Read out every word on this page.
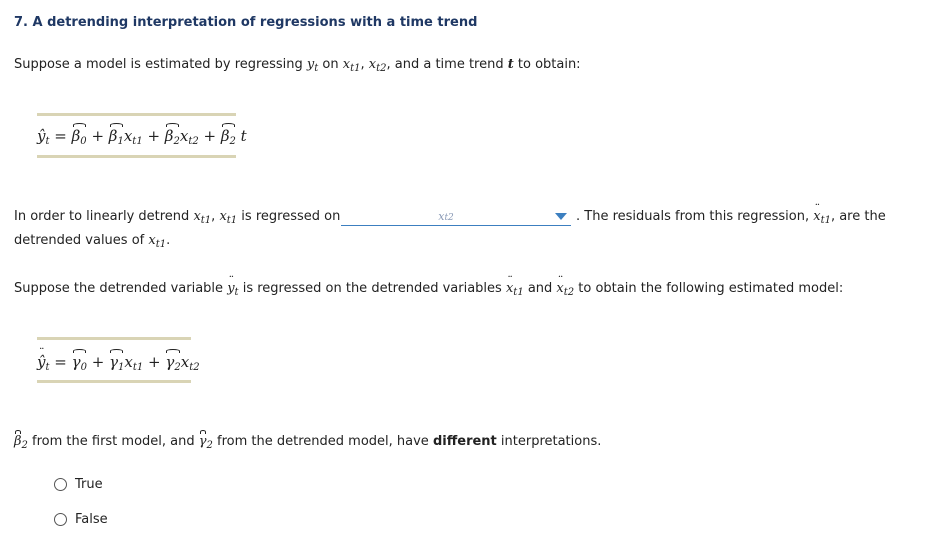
7. A detrending interpretation of regressions with a time trend
Suppose a model is estimated by regressing $y_t$ on $x_{t1}$, $x_{t2}$, and a time trend t to obtain:
$ŷ_t = \beta_0 + \beta_1x_{t1} + \beta_2x_{t2} + \beta_2$ t
In order to linearly detrend $x_{t1}$, $x_{t1}$ is regressed on	xt2	. The residuals from this regression, ·· $x_{t1}$, are the
detrended values of $x_{t1}$.
Suppose the detrended variable ·· $y_t$ is regressed on the detrended variables ·· $x_{t1}$ and ·· $x_{t2}$ to obtain the following estimated model:
·· $ŷ_t = \gamma_0 + \gamma_1x_{t1} + \gamma_2x_{t2}$
$\beta_2$ from the first model, and $\gamma_2$ from the detrended model, have different interpretations.
True
False
